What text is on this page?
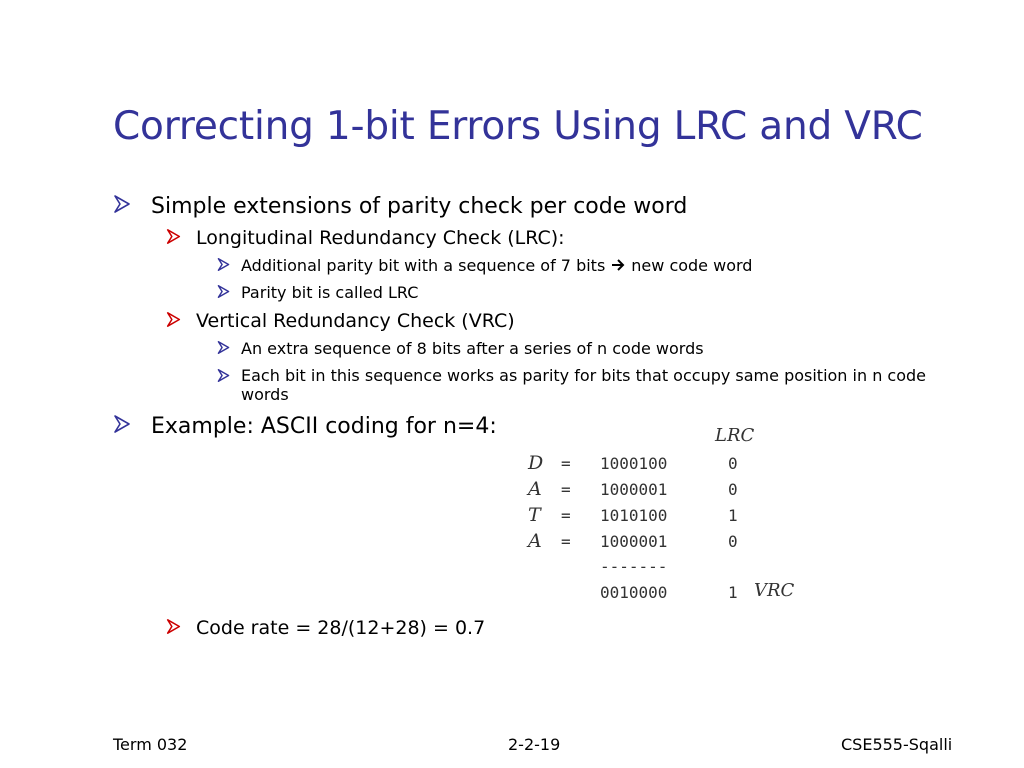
Correcting 1-bit Errors Using LRC and VRC
Simple extensions of parity check per code word
Longitudinal Redundancy Check (LRC):
Additional parity bit with a sequence of 7 bits new code word
Parity bit is called LRC
Vertical Redundancy Check (VRC)
An extra sequence of 8 bits after a series of n code words
Each bit in this sequence works as parity for bits that occupy same position in n code words
Example: ASCII coding for n=4:	LRC
D = 1000100	0
A = 1000001	0
T = 1010100	1
A = 1000001	0
-------
0010000	1 VRC
Code rate = 28/(12+28) = 0.7
Term 032	2-2-19	CSE555-Sqalli
